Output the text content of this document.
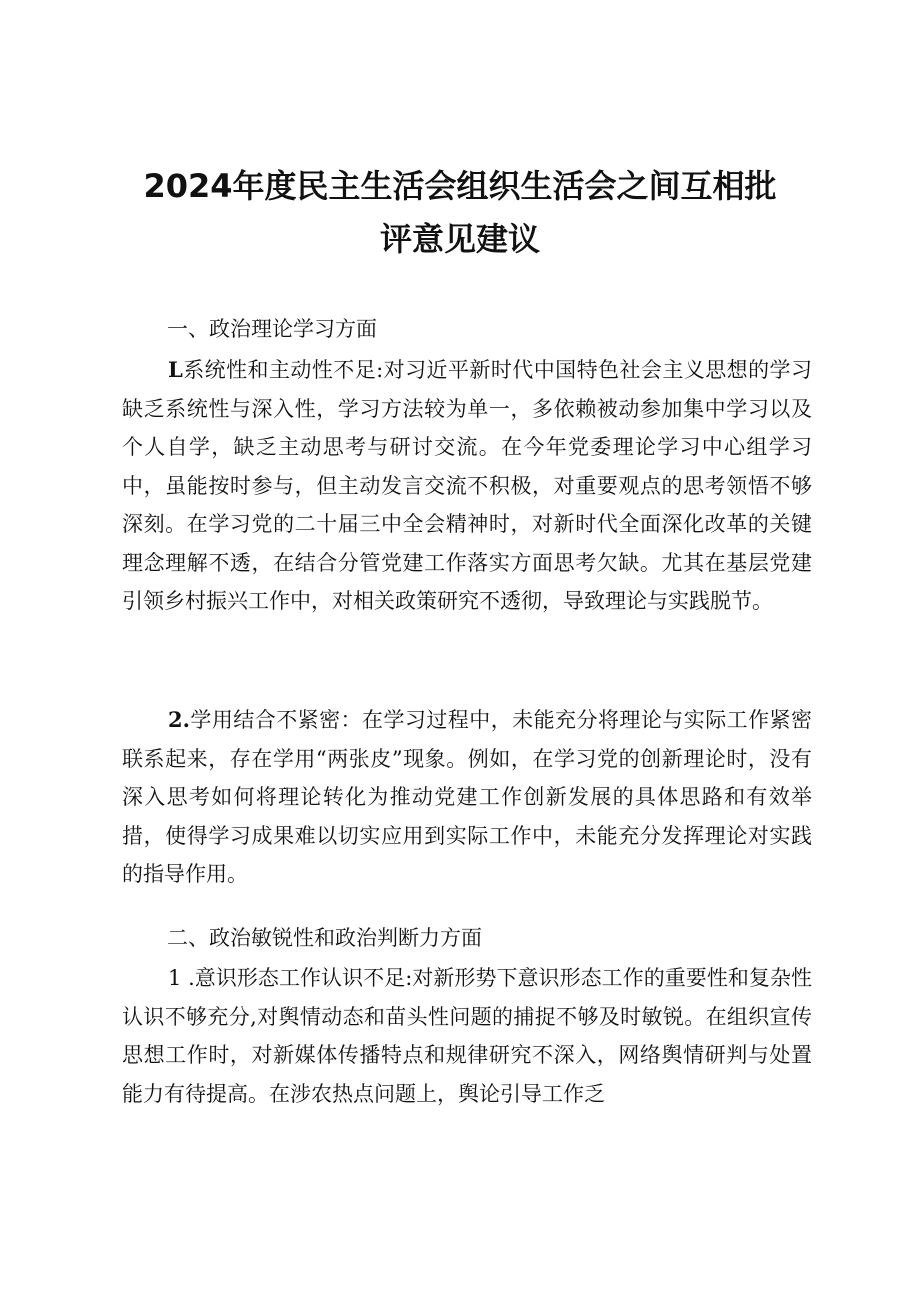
2024年度民主生活会组织生活会之间互相批
评意见建议
一、政治理论学习方面
L系统性和主动性不足:对习近平新时代中国特色社会主义思想的学习缺乏系统性与深入性，学习方法较为单一，多依赖被动参加集中学习以及个人自学，缺乏主动思考与研讨交流。在今年党委理论学习中心组学习中，虽能按时参与，但主动发言交流不积极，对重要观点的思考领悟不够深刻。在学习党的二十届三中全会精神时，对新时代全面深化改革的关键理念理解不透，在结合分管党建工作落实方面思考欠缺。尤其在基层党建引领乡村振兴工作中，对相关政策研究不透彻，导致理论与实践脱节。
2.学用结合不紧密：在学习过程中，未能充分将理论与实际工作紧密联系起来，存在学用“两张皮”现象。例如，在学习党的创新理论时，没有深入思考如何将理论转化为推动党建工作创新发展的具体思路和有效举措，使得学习成果难以切实应用到实际工作中，未能充分发挥理论对实践的指导作用。
二、政治敏锐性和政治判断力方面
1 .意识形态工作认识不足:对新形势下意识形态工作的重要性和复杂性认识不够充分,对舆情动态和苗头性问题的捕捉不够及时敏锐。在组织宣传思想工作时，对新媒体传播特点和规律研究不深入，网络舆情研判与处置能力有待提高。在涉农热点问题上，舆论引导工作乏
